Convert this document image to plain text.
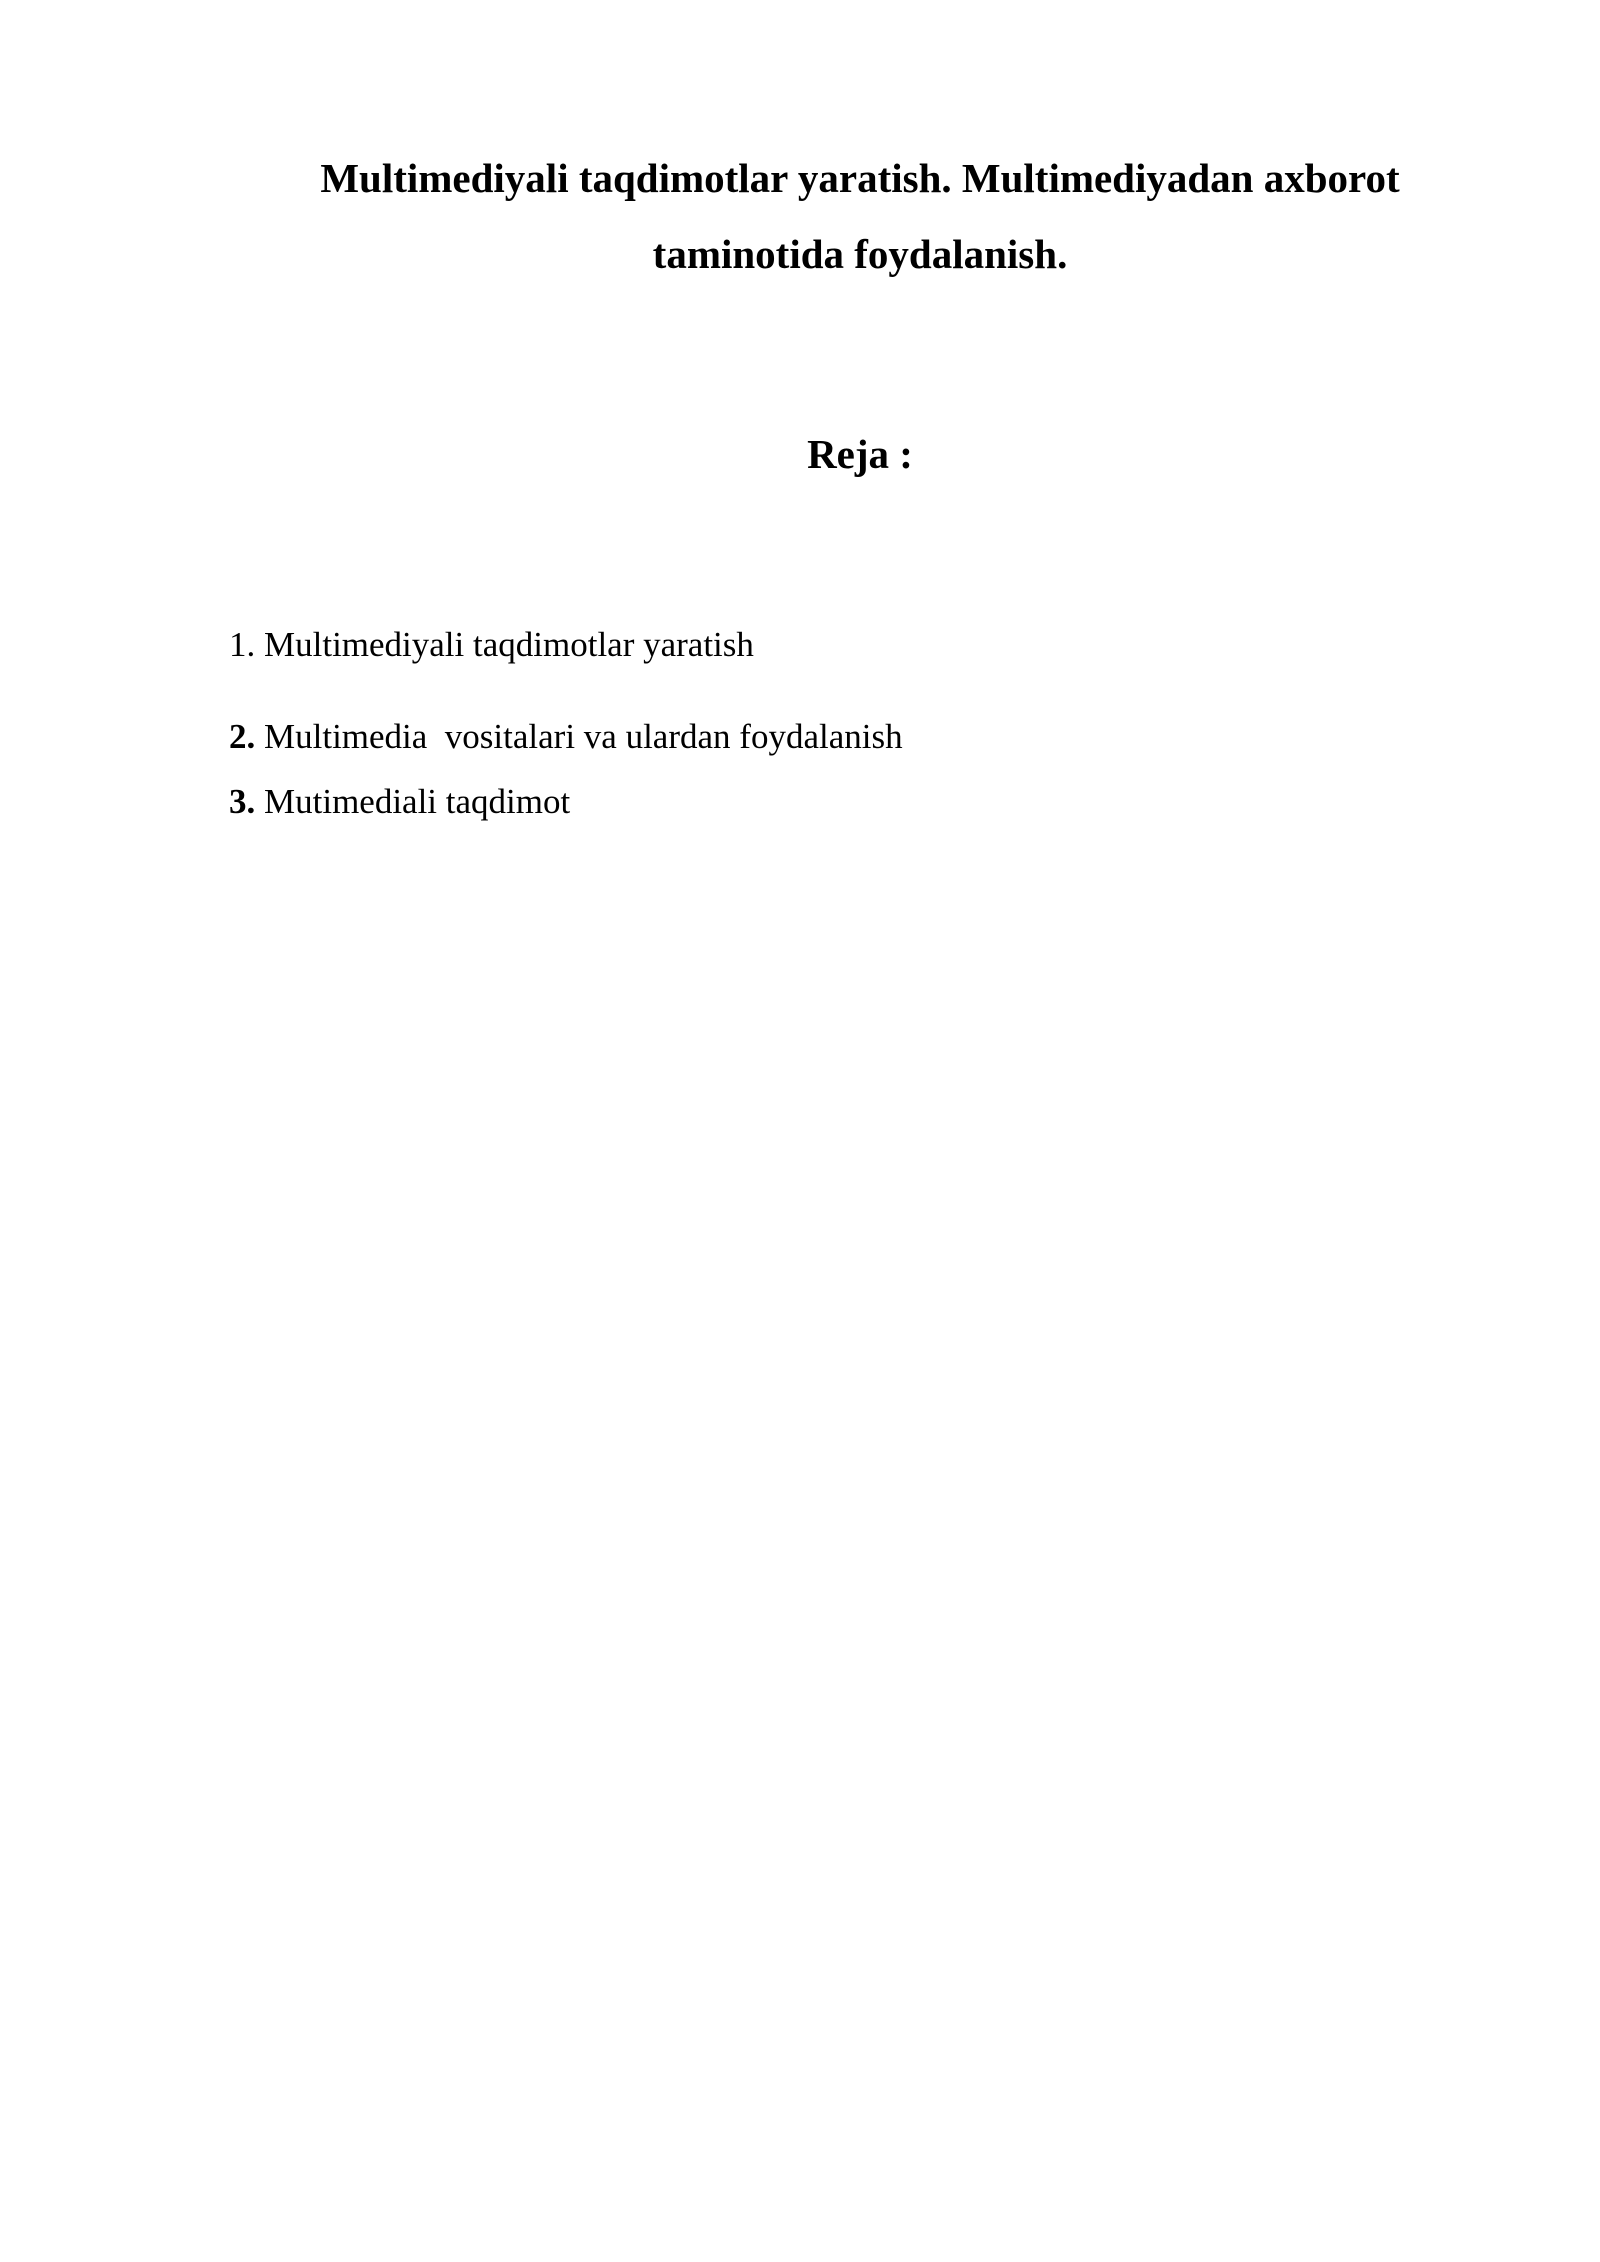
Multimediyali taqdimotlar yaratish. Multimediyadan axborot
taminotida foydalanish.
Reja :
1. Multimediyali taqdimotlar yaratish
2. Multimedia  vositalari va ulardan foydalanish
3. Mutimediali taqdimot
